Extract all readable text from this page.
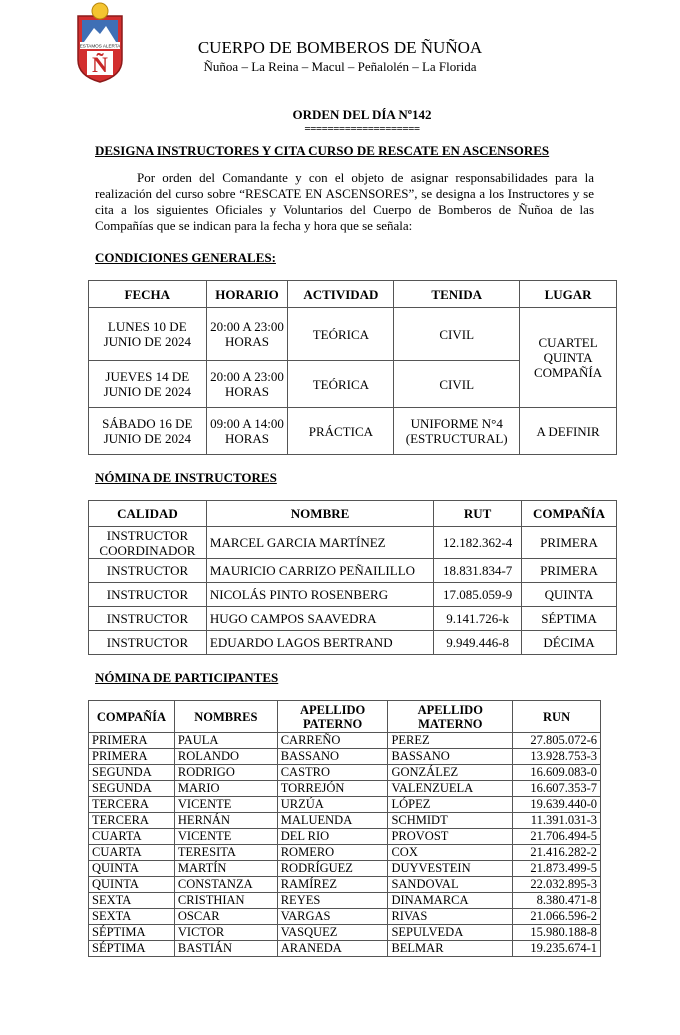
ESTAMOS ALERTA
Ñ
CUERPO DE BOMBEROS DE ÑUÑOA
Ñuñoa – La Reina – Macul – Peñalolén – La Florida
ORDEN DEL DÍA Nº142
====================
DESIGNA INSTRUCTORES Y CITA CURSO DE RESCATE EN ASCENSORES
Por orden del Comandante y con el objeto de asignar responsabilidades para la realización del curso sobre “RESCATE EN ASCENSORES”, se designa a los Instructores y se cita a los siguientes Oficiales y Voluntarios del Cuerpo de Bomberos de Ñuñoa de las Compañías que se indican para la fecha y hora que se señala:
CONDICIONES GENERALES:
FECHA	HORARIO	ACTIVIDAD	TENIDA	LUGAR
LUNES 10 DE JUNIO DE 2024	20:00 A 23:00 HORAS	TEÓRICA	CIVIL	CUARTEL QUINTA COMPAÑÍA
JUEVES 14 DE JUNIO DE 2024	20:00 A 23:00 HORAS	TEÓRICA	CIVIL	
SÁBADO 16 DE JUNIO DE 2024	09:00 A 14:00 HORAS	PRÁCTICA	UNIFORME N°4 (ESTRUCTURAL)	A DEFINIR
NÓMINA DE INSTRUCTORES
CALIDAD	NOMBRE	RUT	COMPAÑÍA
INSTRUCTOR COORDINADOR	MARCEL GARCIA MARTÍNEZ	12.182.362-4	PRIMERA
INSTRUCTOR	MAURICIO CARRIZO PEÑAILILLO	18.831.834-7	PRIMERA
INSTRUCTOR	NICOLÁS PINTO ROSENBERG	17.085.059-9	QUINTA
INSTRUCTOR	HUGO CAMPOS SAAVEDRA	9.141.726-k	SÉPTIMA
INSTRUCTOR	EDUARDO LAGOS BERTRAND	9.949.446-8	DÉCIMA
NÓMINA DE PARTICIPANTES
COMPAÑÍA	NOMBRES	APELLIDO PATERNO	APELLIDO MATERNO	RUN
PRIMERA	PAULA	CARREÑO	PEREZ	27.805.072-6
PRIMERA	ROLANDO	BASSANO	BASSANO	13.928.753-3
SEGUNDA	RODRIGO	CASTRO	GONZÁLEZ	16.609.083-0
SEGUNDA	MARIO	TORREJÓN	VALENZUELA	16.607.353-7
TERCERA	VICENTE	URZÚA	LÓPEZ	19.639.440-0
TERCERA	HERNÁN	MALUENDA	SCHMIDT	11.391.031-3
CUARTA	VICENTE	DEL RIO	PROVOST	21.706.494-5
CUARTA	TERESITA	ROMERO	COX	21.416.282-2
QUINTA	MARTÍN	RODRÍGUEZ	DUYVESTEIN	21.873.499-5
QUINTA	CONSTANZA	RAMÍREZ	SANDOVAL	22.032.895-3
SEXTA	CRISTHIAN	REYES	DINAMARCA	8.380.471-8
SEXTA	OSCAR	VARGAS	RIVAS	21.066.596-2
SÉPTIMA	VICTOR	VASQUEZ	SEPULVEDA	15.980.188-8
SÉPTIMA	BASTIÁN	ARANEDA	BELMAR	19.235.674-1
